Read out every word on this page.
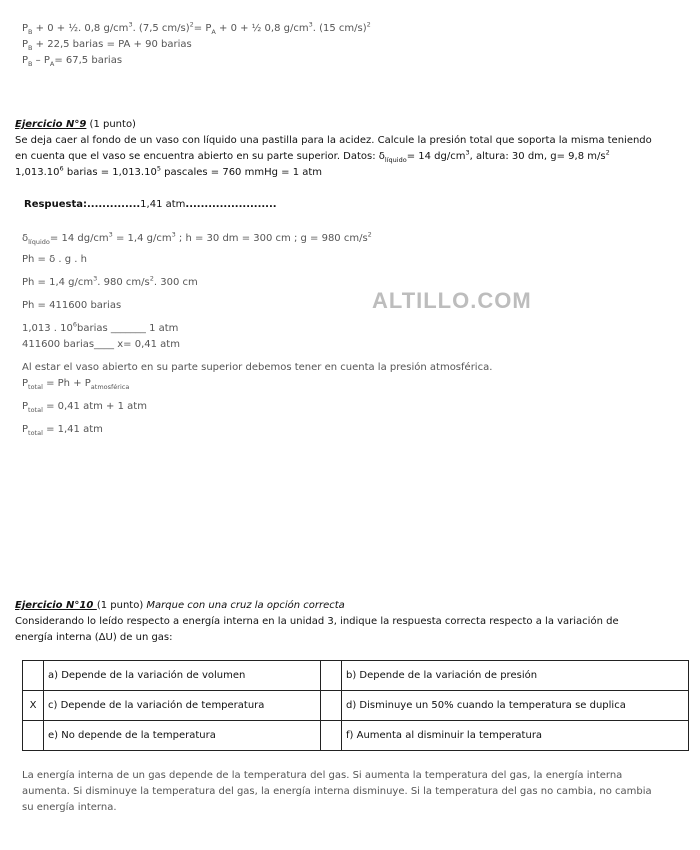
$P_B + 0$ + ½. 0,8 $g/cm^3$. (7,5 $cm/s)^2= P_A + 0$ + ½ 0,8 $g/cm^3$. (15 cm/s)$^2$
$P_B + 22,5$ barias = PA + 90 barias
$P_B - P_A= 67,5$ barias
Ejercicio N°9 (1 punto)
Se deja caer al fondo de un vaso con líquido una pastilla para la acidez. Calcule la presión total que soporta la misma teniendo
en cuenta que el vaso se encuentra abierto en su parte superior. Datos: $\delta_{líquido}= 14$ $dg/cm^3$, altura: 30 dm, g= 9,8 $m/s^2$
1,013.10$^6$ barias = $1,013.10^5$ pascales = 760 mmHg = 1 atm
Respuesta:..............1,41 atm........................
$\delta_{líquido}= 14$ $dg/cm^3 = 1,4$ $g/cm^3$ ; h = 30 dm = 300 cm ; g = 980 $cm/s^2$
Ph = δ . g . h
Ph = 1,4 $g/cm^3$. 980 $cm/s^2$. 300 cm
Ph = 411600 barias
1,013 . $10^6barias$ _______ 1 atm
411600 barias____ x= 0,41 atm
Al estar el vaso abierto en su parte superior debemos tener en cuenta la presión atmosférica.
$P_{total} = Ph + P_{atmosférica}$
$P_{total} = 0,41$ atm + 1 atm
$P_{total} = 1,41$ atm
ALTILLO.COM
Ejercicio N°10 (1 punto) Marque con una cruz la opción correcta
Considerando lo leído respecto a energía interna en la unidad 3, indique la respuesta correcta respecto a la variación de
energía interna (ΔU) de un gas:
	a) Depende de la variación de volumen		b) Depende de la variación de presión
X	c) Depende de la variación de temperatura		d) Disminuye un 50% cuando la temperatura se duplica
	e) No depende de la temperatura		f) Aumenta al disminuir la temperatura
La energía interna de un gas depende de la temperatura del gas. Si aumenta la temperatura del gas, la energía interna
aumenta. Si disminuye la temperatura del gas, la energía interna disminuye. Si la temperatura del gas no cambia, no cambia
su energía interna.
